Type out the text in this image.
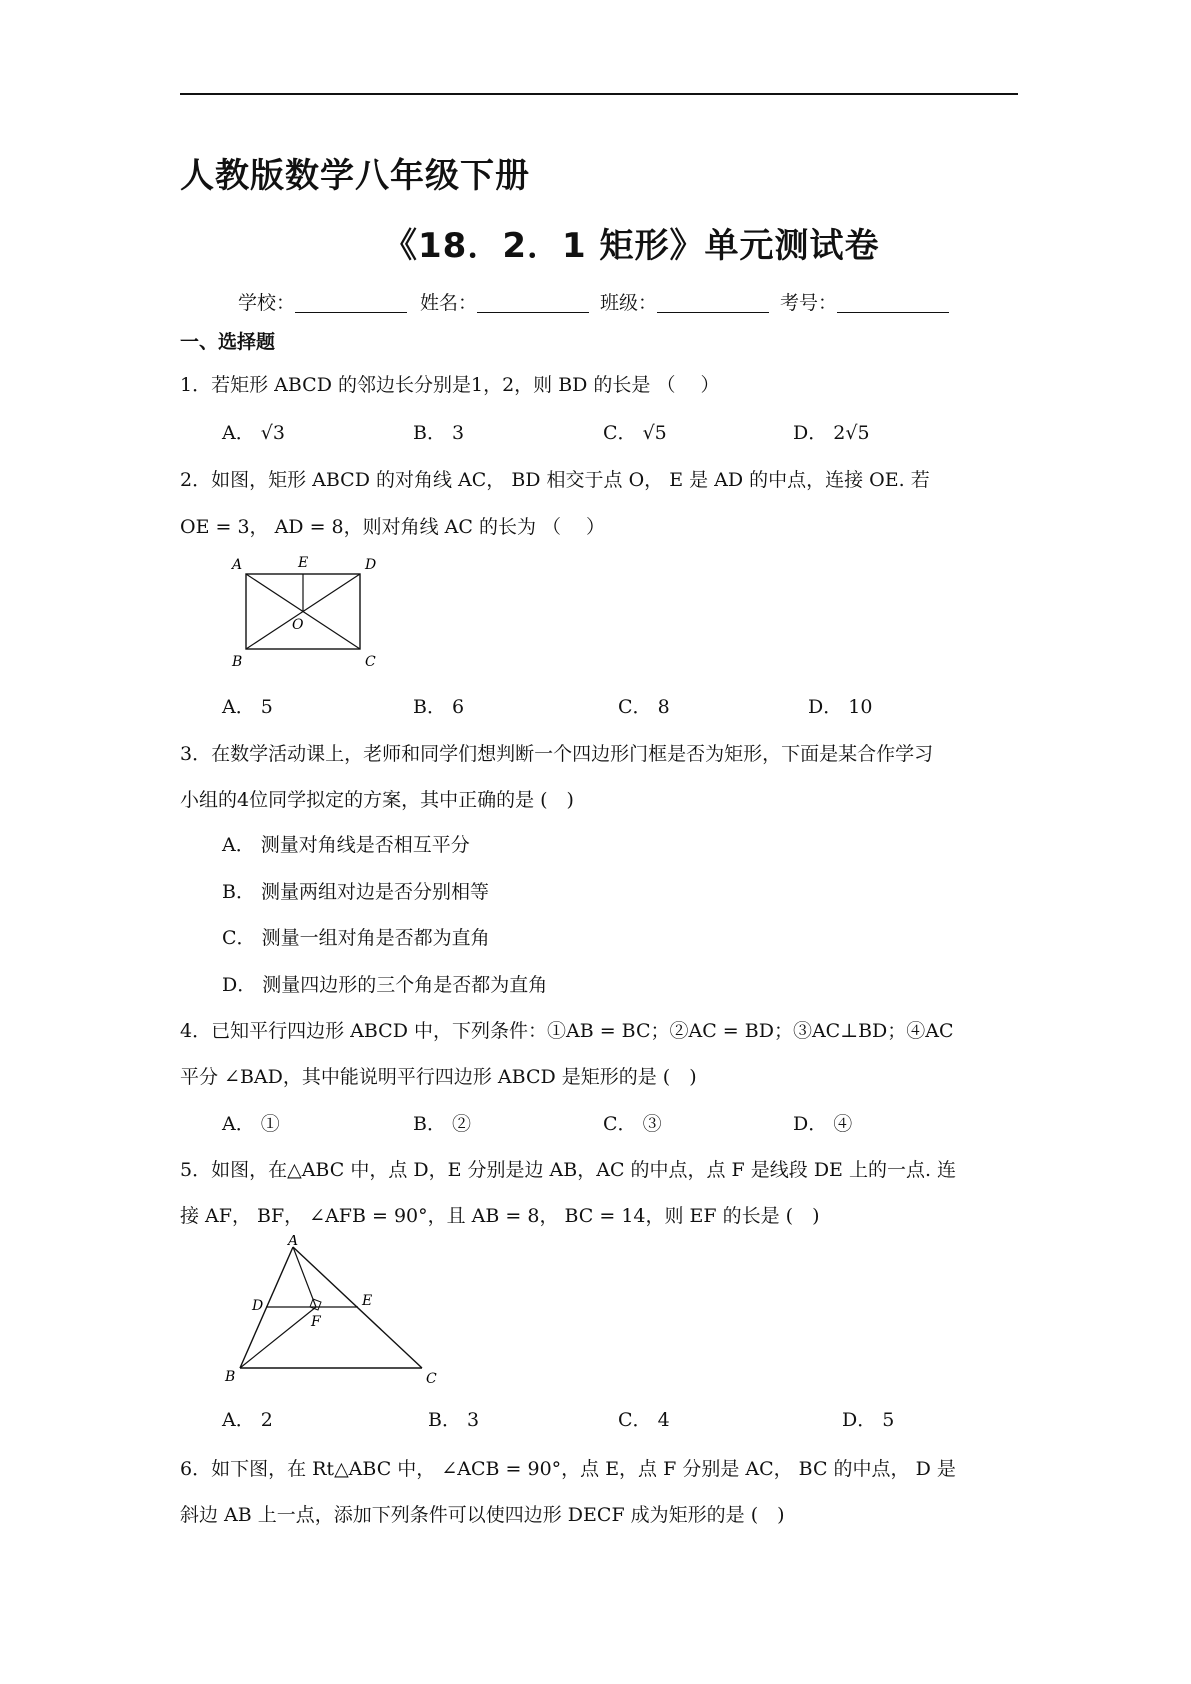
人教版数学八年级下册
《18．2．1 矩形》单元测试卷
学校：	姓名：	班级：	考号：
一、选择题
1．若矩形 ABCD 的邻边长分别是1，2，则 BD 的长是 （　 ）
A． √3	B． 3	C． √5	D． 2√5
2．如图，矩形 ABCD 的对角线 AC， BD 相交于点 O， E 是 AD 的中点，连接 OE. 若
OE = 3， AD = 8，则对角线 AC 的长为 （　 ）
A	E	D
O
B	C
A． 5	B． 6	C． 8	D． 10
3．在数学活动课上，老师和同学们想判断一个四边形门框是否为矩形，下面是某合作学习
小组的4位同学拟定的方案，其中正确的是 (　)
A． 测量对角线是否相互平分
B． 测量两组对边是否分别相等
C． 测量一组对角是否都为直角
D． 测量四边形的三个角是否都为直角
4．已知平行四边形 ABCD 中，下列条件：①AB = BC；②AC = BD；③AC⊥BD；④AC
平分 ∠BAD，其中能说明平行四边形 ABCD 是矩形的是 (　)
A． ①	B． ②	C． ③	D． ④
5．如图，在△ABC 中，点 D，E 分别是边 AB，AC 的中点，点 F 是线段 DE 上的一点. 连
接 AF， BF， ∠AFB = 90°，且 AB = 8， BC = 14，则 EF 的长是 (　)
A
D	E
F
B	C
A． 2	B． 3	C． 4	D． 5
6．如下图，在 Rt△ABC 中， ∠ACB = 90°，点 E，点 F 分别是 AC， BC 的中点， D 是
斜边 AB 上一点，添加下列条件可以使四边形 DECF 成为矩形的是 (　)
